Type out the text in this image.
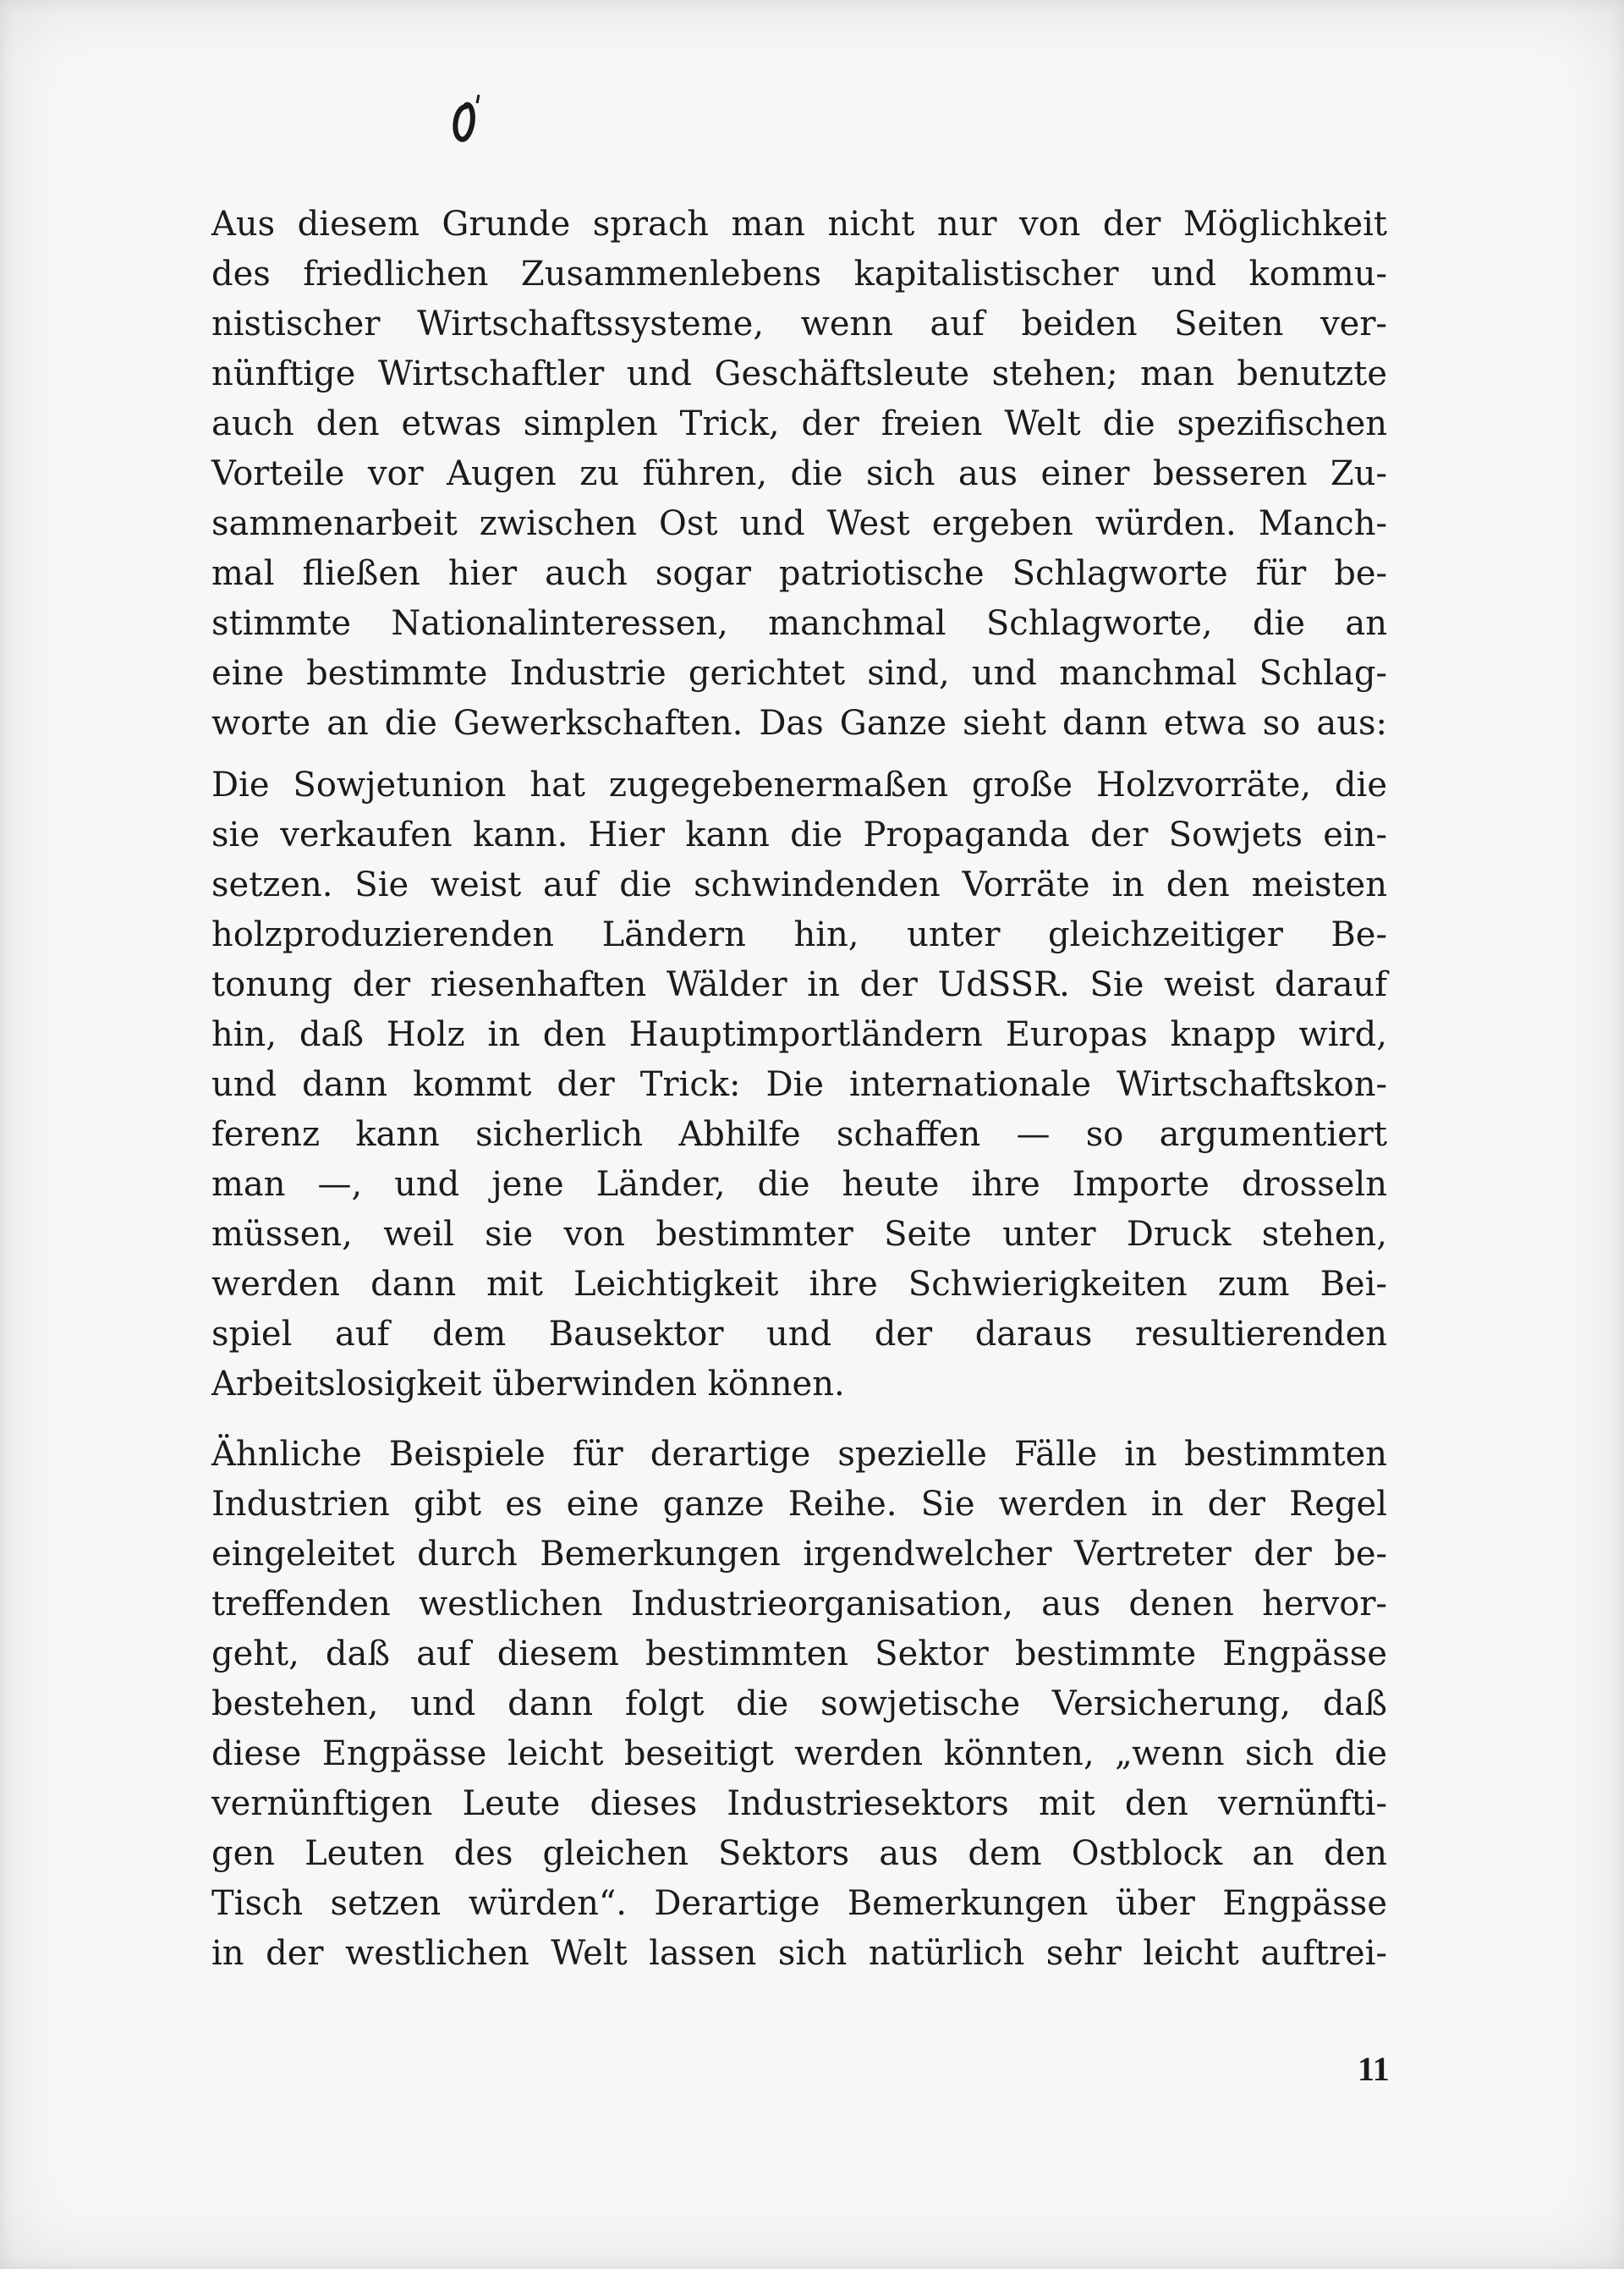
Aus diesem Grunde sprach man nicht nur von der Möglichkeit
des friedlichen Zusammenlebens kapitalistischer und kommu-
nistischer Wirtschaftssysteme, wenn auf beiden Seiten ver-
nünftige Wirtschaftler und Geschäftsleute stehen; man benutzte
auch den etwas simplen Trick, der freien Welt die spezifischen
Vorteile vor Augen zu führen, die sich aus einer besseren Zu-
sammenarbeit zwischen Ost und West ergeben würden. Manch-
mal fließen hier auch sogar patriotische Schlagworte für be-
stimmte Nationalinteressen, manchmal Schlagworte, die an
eine bestimmte Industrie gerichtet sind, und manchmal Schlag-
worte an die Gewerkschaften. Das Ganze sieht dann etwa so aus:
Die Sowjetunion hat zugegebenermaßen große Holzvorräte, die
sie verkaufen kann. Hier kann die Propaganda der Sowjets ein-
setzen. Sie weist auf die schwindenden Vorräte in den meisten
holzproduzierenden Ländern hin, unter gleichzeitiger Be-
tonung der riesenhaften Wälder in der UdSSR. Sie weist darauf
hin, daß Holz in den Hauptimportländern Europas knapp wird,
und dann kommt der Trick: Die internationale Wirtschaftskon-
ferenz kann sicherlich Abhilfe schaffen — so argumentiert
man —, und jene Länder, die heute ihre Importe drosseln
müssen, weil sie von bestimmter Seite unter Druck stehen,
werden dann mit Leichtigkeit ihre Schwierigkeiten zum Bei-
spiel auf dem Bausektor und der daraus resultierenden
Arbeitslosigkeit überwinden können.
Ähnliche Beispiele für derartige spezielle Fälle in bestimmten
Industrien gibt es eine ganze Reihe. Sie werden in der Regel
eingeleitet durch Bemerkungen irgendwelcher Vertreter der be-
treffenden westlichen Industrieorganisation, aus denen hervor-
geht, daß auf diesem bestimmten Sektor bestimmte Engpässe
bestehen, und dann folgt die sowjetische Versicherung, daß
diese Engpässe leicht beseitigt werden könnten, „wenn sich die
vernünftigen Leute dieses Industriesektors mit den vernünfti-
gen Leuten des gleichen Sektors aus dem Ostblock an den
Tisch setzen würden“. Derartige Bemerkungen über Engpässe
in der westlichen Welt lassen sich natürlich sehr leicht auftrei-
11
